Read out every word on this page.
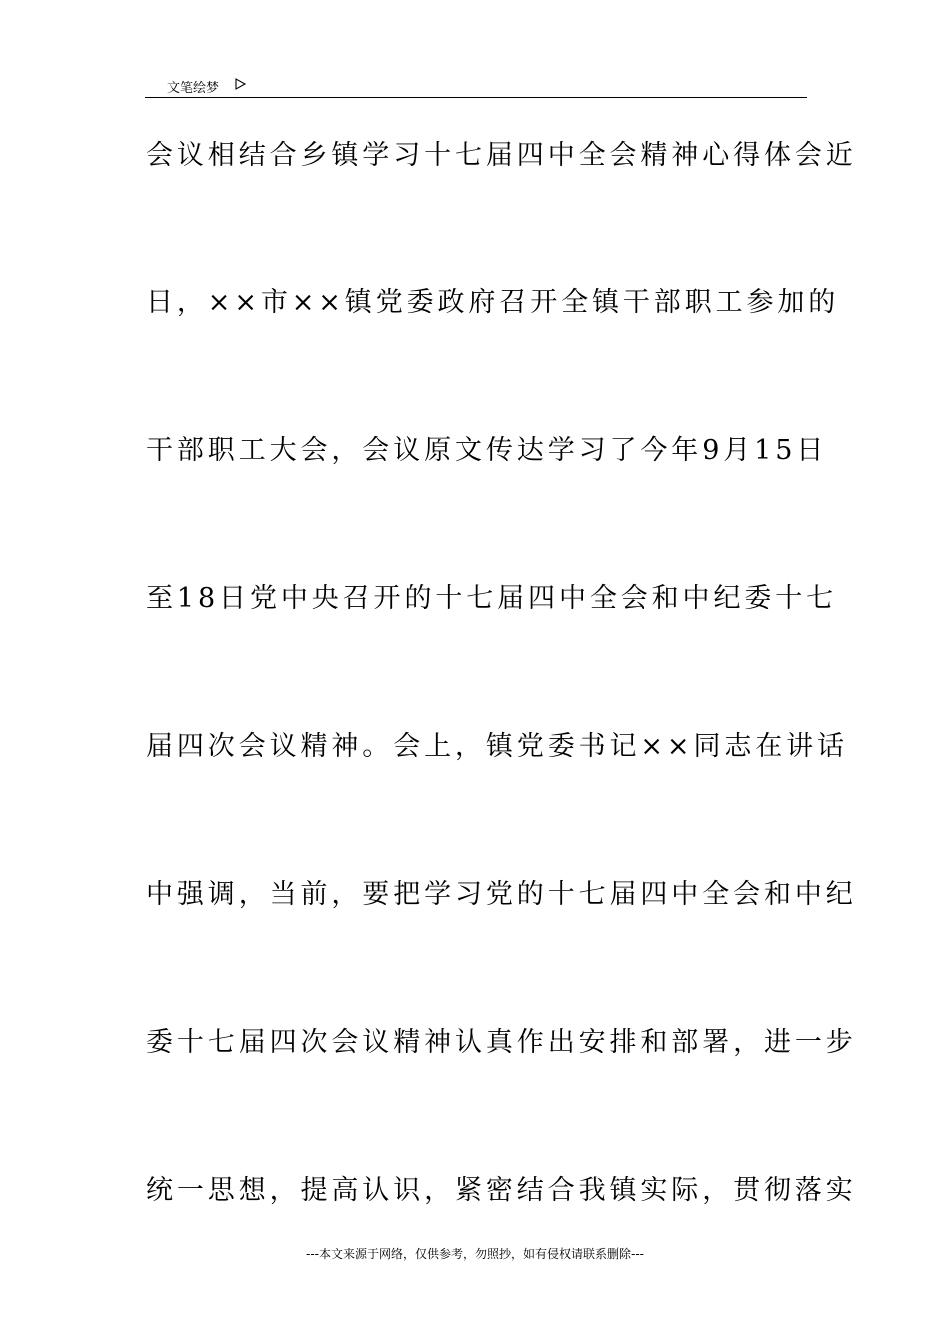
文笔绘梦
会议相结合乡镇学习十七届四中全会精神心得体会近
日，××市××镇党委政府召开全镇干部职工参加的
干部职工大会，会议原文传达学习了今年9月15日
至18日党中央召开的十七届四中全会和中纪委十七
届四次会议精神。会上，镇党委书记××同志在讲话
中强调，当前，要把学习党的十七届四中全会和中纪
委十七届四次会议精神认真作出安排和部署，进一步
统一思想，提高认识，紧密结合我镇实际，贯彻落实
---本文来源于网络，仅供参考，勿照抄，如有侵权请联系删除---
